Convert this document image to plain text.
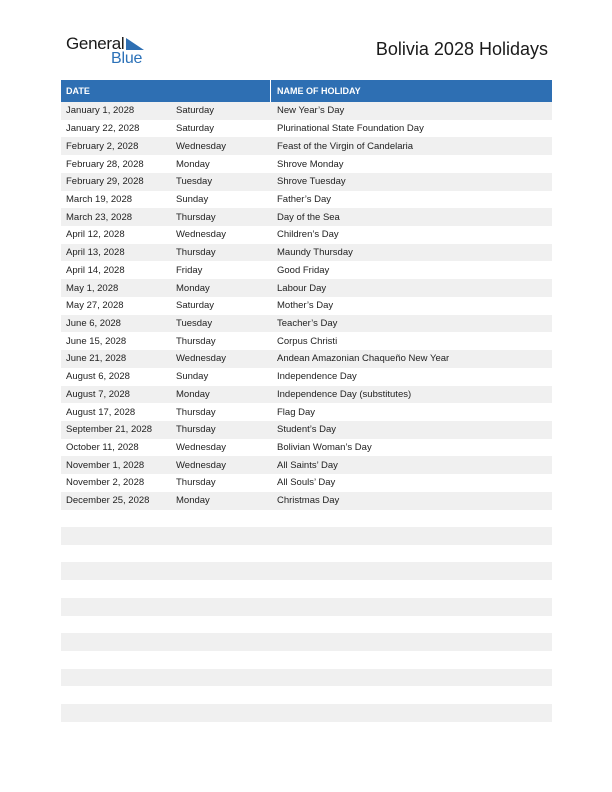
General
Blue	Bolivia 2028 Holidays
DATE	NAME OF HOLIDAY
January 1, 2028	Saturday	New Year’s Day
January 22, 2028	Saturday	Plurinational State Foundation Day
February 2, 2028	Wednesday	Feast of the Virgin of Candelaria
February 28, 2028	Monday	Shrove Monday
February 29, 2028	Tuesday	Shrove Tuesday
March 19, 2028	Sunday	Father’s Day
March 23, 2028	Thursday	Day of the Sea
April 12, 2028	Wednesday	Children’s Day
April 13, 2028	Thursday	Maundy Thursday
April 14, 2028	Friday	Good Friday
May 1, 2028	Monday	Labour Day
May 27, 2028	Saturday	Mother’s Day
June 6, 2028	Tuesday	Teacher’s Day
June 15, 2028	Thursday	Corpus Christi
June 21, 2028	Wednesday	Andean Amazonian Chaqueño New Year
August 6, 2028	Sunday	Independence Day
August 7, 2028	Monday	Independence Day (substitutes)
August 17, 2028	Thursday	Flag Day
September 21, 2028	Thursday	Student’s Day
October 11, 2028	Wednesday	Bolivian Woman’s Day
November 1, 2028	Wednesday	All Saints’ Day
November 2, 2028	Thursday	All Souls’ Day
December 25, 2028	Monday	Christmas Day
